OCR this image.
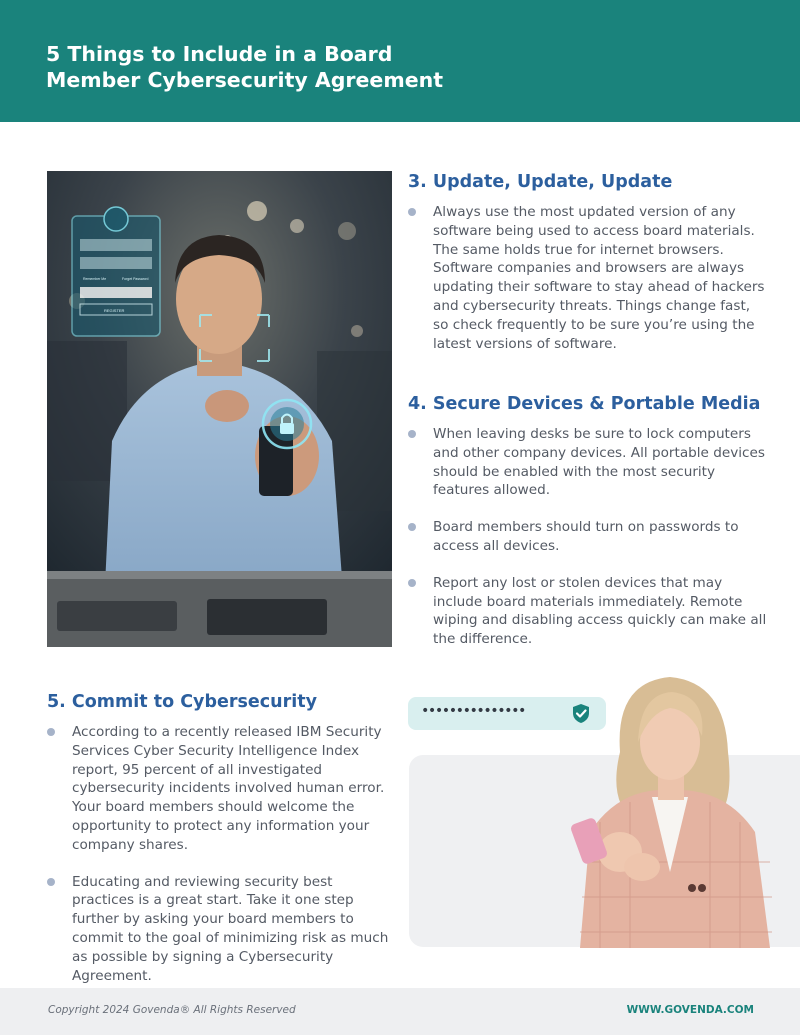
5 Things to Include in a Board
Member Cybersecurity Agreement
Remember Me	Forget Password
REGISTER
3. Update, Update, Update
Always use the most updated version of any software being used to access board materials. The same holds true for internet browsers. Software companies and browsers are always updating their software to stay ahead of hackers and cybersecurity threats. Things change fast, so check frequently to be sure you’re using the latest versions of software.
4. Secure Devices & Portable Media
When leaving desks be sure to lock computers and other company devices. All portable devices should be enabled with the most security features allowed.
Board members should turn on passwords to access all devices.
Report any lost or stolen devices that may include board materials immediately. Remote wiping and disabling access quickly can make all the difference.
5. Commit to Cybersecurity
According to a recently released IBM Security Services Cyber Security Intelligence Index report, 95 percent of all investigated cybersecurity incidents involved human error. Your board members should welcome the opportunity to protect any information your company shares.
Educating and reviewing security best practices is a great start. Take it one step further by asking your board members to commit to the goal of minimizing risk as much as possible by signing a Cybersecurity Agreement.
•••••••••••••••
Copyright 2024 Govenda® All Rights Reserved	WWW.GOVENDA.COM
